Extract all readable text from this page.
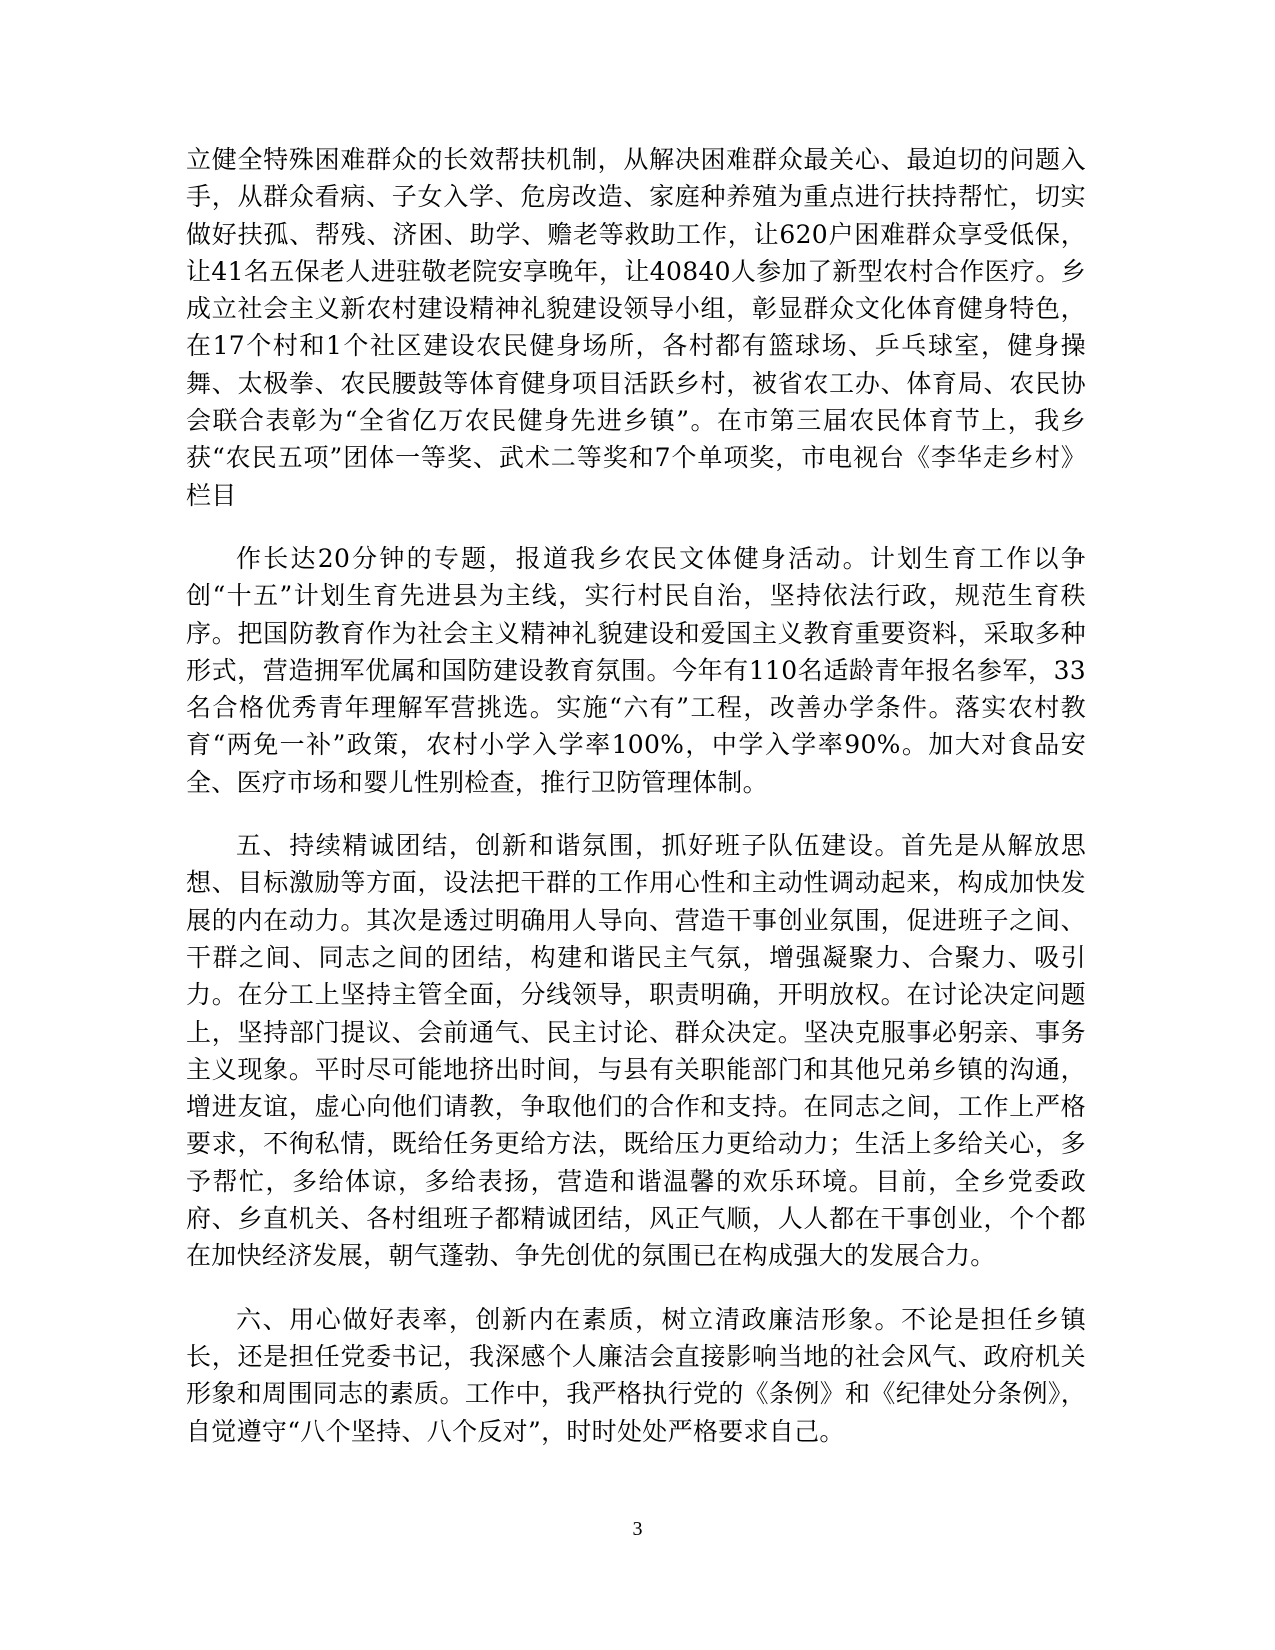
立健全特殊困难群众的长效帮扶机制，从解决困难群众最关心、最迫切的问题入手，从群众看病、子女入学、危房改造、家庭种养殖为重点进行扶持帮忙，切实做好扶孤、帮残、济困、助学、赡老等救助工作，让620户困难群众享受低保，让41名五保老人进驻敬老院安享晚年，让40840人参加了新型农村合作医疗。乡成立社会主义新农村建设精神礼貌建设领导小组，彰显群众文化体育健身特色，在17个村和1个社区建设农民健身场所，各村都有篮球场、乒乓球室，健身操舞、太极拳、农民腰鼓等体育健身项目活跃乡村，被省农工办、体育局、农民协会联合表彰为“全省亿万农民健身先进乡镇”。在市第三届农民体育节上，我乡获“农民五项”团体一等奖、武术二等奖和7个单项奖，市电视台《李华走乡村》栏目

作长达20分钟的专题，报道我乡农民文体健身活动。计划生育工作以争创“十五”计划生育先进县为主线，实行村民自治，坚持依法行政，规范生育秩序。把国防教育作为社会主义精神礼貌建设和爱国主义教育重要资料，采取多种形式，营造拥军优属和国防建设教育氛围。今年有110名适龄青年报名参军，33名合格优秀青年理解军营挑选。实施“六有”工程，改善办学条件。落实农村教育“两免一补”政策，农村小学入学率100%，中学入学率90%。加大对食品安全、医疗市场和婴儿性别检查，推行卫防管理体制。

五、持续精诚团结，创新和谐氛围，抓好班子队伍建设。首先是从解放思想、目标激励等方面，设法把干群的工作用心性和主动性调动起来，构成加快发展的内在动力。其次是透过明确用人导向、营造干事创业氛围，促进班子之间、干群之间、同志之间的团结，构建和谐民主气氛，增强凝聚力、合聚力、吸引力。在分工上坚持主管全面，分线领导，职责明确，开明放权。在讨论决定问题上，坚持部门提议、会前通气、民主讨论、群众决定。坚决克服事必躬亲、事务主义现象。平时尽可能地挤出时间，与县有关职能部门和其他兄弟乡镇的沟通，增进友谊，虚心向他们请教，争取他们的合作和支持。在同志之间，工作上严格要求，不徇私情，既给任务更给方法，既给压力更给动力；生活上多给关心，多予帮忙，多给体谅，多给表扬，营造和谐温馨的欢乐环境。目前，全乡党委政府、乡直机关、各村组班子都精诚团结，风正气顺，人人都在干事创业，个个都在加快经济发展，朝气蓬勃、争先创优的氛围已在构成强大的发展合力。

六、用心做好表率，创新内在素质，树立清政廉洁形象。不论是担任乡镇长，还是担任党委书记，我深感个人廉洁会直接影响当地的社会风气、政府机关形象和周围同志的素质。工作中，我严格执行党的《条例》和《纪律处分条例》，自觉遵守“八个坚持、八个反对”，时时处处严格要求自己。

3
